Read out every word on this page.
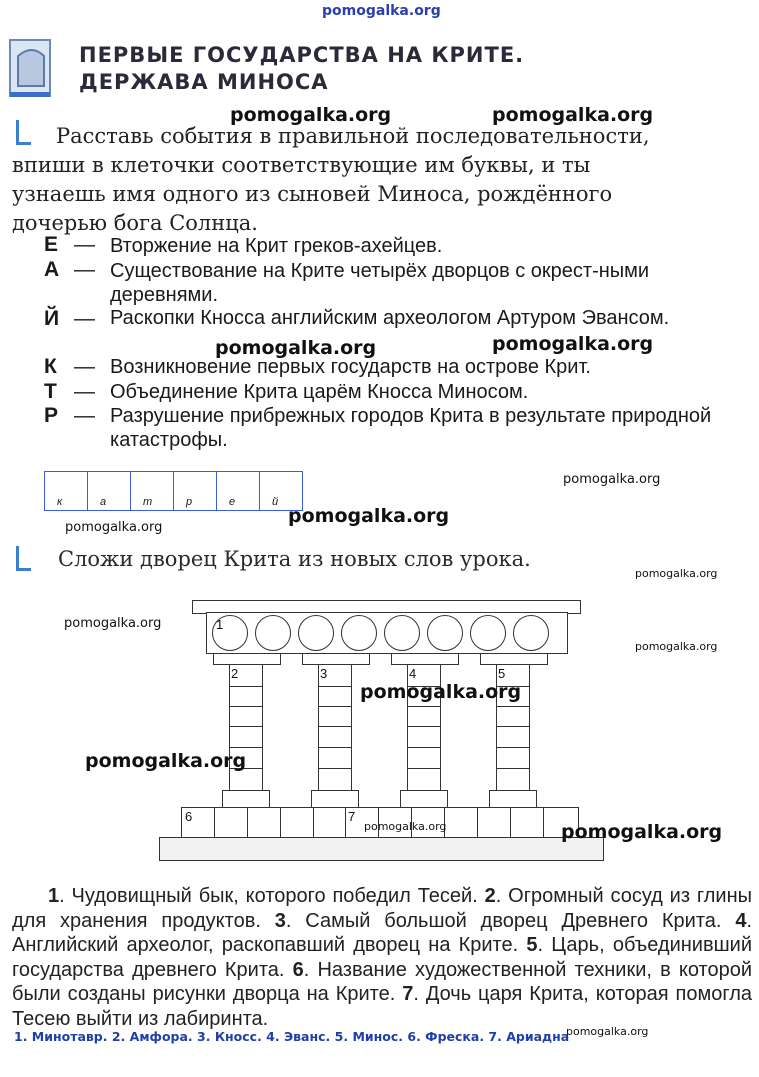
pomogalka.org
ПЕРВЫЕ ГОСУДАРСТВА НА КРИТЕ.
ДЕРЖАВА МИНОСА
pomogalka.org	pomogalka.org
Расставь события в правильной последовательности,
впиши в клеточки соответствующие им буквы, и ты
узнаешь имя одного из сыновей Миноса, рождённого
дочерью бога Солнца.
Е — Вторжение на Крит греков-ахейцев.
А — Существование на Крите четырёх дворцов с окрест-ными деревнями.
Й — Раскопки Кносса английским археологом Артуром Эвансом.
pomogalka.org	pomogalka.org
К — Возникновение первых государств на острове Крит.
Т — Объединение Крита царём Кносса Миносом.
Р — Разрушение прибрежных городов Крита в результате природной катастрофы.
к	а	т	р	е	й
pomogalka.org
pomogalka.org
pomogalka.org
Сложи дворец Крита из новых слов урока.
pomogalka.org
pomogalka.org
pomogalka.org
1
2	3	4	5
6	7
pomogalka.org
pomogalka.org
pomogalka.org	pomogalka.org
1. Чудовищный бык, которого победил Тесей. 2. Огромный сосуд из глины для хранения продуктов. 3. Самый большой дворец Древнего Крита. 4. Английский археолог, раскопавший дворец на Крите. 5. Царь, объединивший государства древнего Крита. 6. Название художественной техники, в которой были созданы рисунки дворца на Крите. 7. Дочь царя Крита, которая помогла Тесею выйти из лабиринта.
pomogalka.org
1. Минотавр. 2. Амфора. 3. Кносс. 4. Эванс. 5. Минос. 6. Фреска. 7. Ариадна
